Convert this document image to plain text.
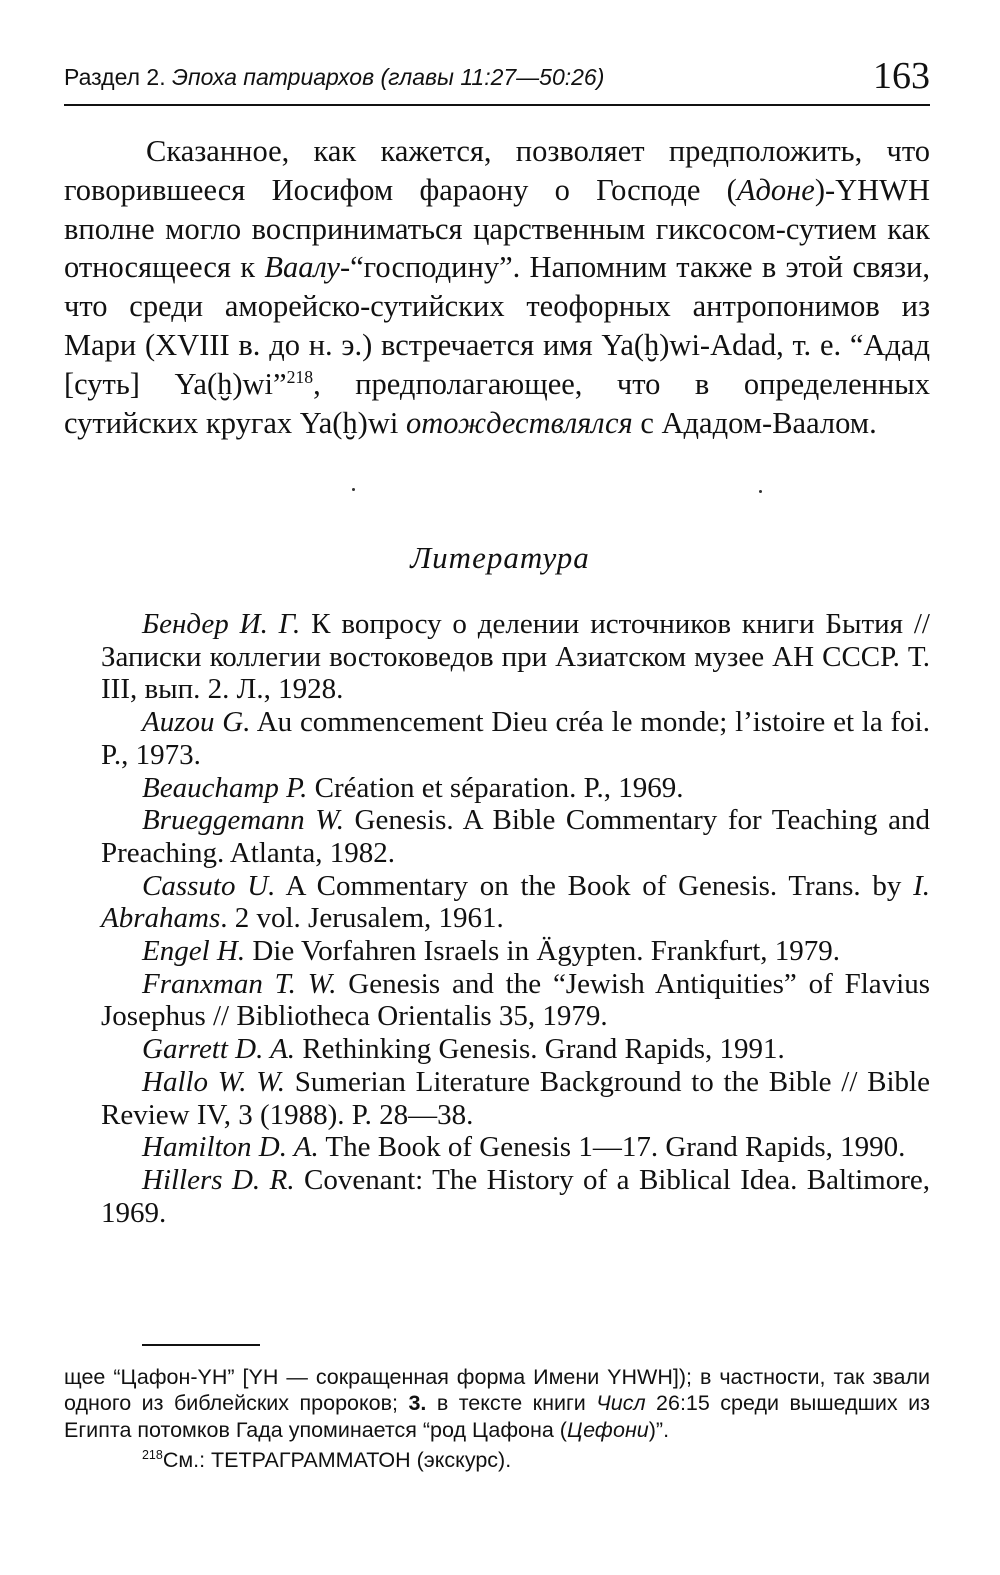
Раздел 2. Эпоха патриархов (главы 11:27—50:26)	163

Сказанное, как кажется, позволяет предположить, что говорившееся Иосифом фараону о Господе (Адоне)-YHWH вполне могло восприниматься царственным гиксосом-сутием как относящееся к Ваалу-“господину”. Напомним также в этой связи, что среди аморейско-сутийских теофорных антропонимов из Мари (XVIII в. до н. э.) встречается имя Ya(ḫ)wi-Adad, т. е. “Адад [суть] Ya(ḫ)wi”$^{218}$, предполагающее, что в определенных сутийских кругах Ya(ḫ)wi отождествлялся с Ададом-Ваалом.

Литература

Бендер И. Г. К вопросу о делении источников книги Бытия // Записки коллегии востоковедов при Азиатском музее АН СССР. Т. III, вып. 2. Л., 1928.

Auzou G. Au commencement Dieu créa le monde; l’istoire et la foi. P., 1973.

Beauchamp P. Création et séparation. P., 1969.

Brueggemann W. Genesis. A Bible Commentary for Teaching and Preaching. Atlanta, 1982.

Cassuto U. A Commentary on the Book of Genesis. Trans. by I. Abrahams. 2 vol. Jerusalem, 1961.

Engel H. Die Vorfahren Israels in Ägypten. Frankfurt, 1979.

Franxman T. W. Genesis and the “Jewish Antiquities” of Flavius Josephus // Bibliotheca Orientalis 35, 1979.

Garrett D. A. Rethinking Genesis. Grand Rapids, 1991.

Hallo W. W. Sumerian Literature Background to the Bible // Bible Review IV, 3 (1988). P. 28—38.

Hamilton D. A. The Book of Genesis 1—17. Grand Rapids, 1990.

Hillers D. R. Covenant: The History of a Biblical Idea. Baltimore, 1969.

щее “Цафон-YH” [YH — сокращенная форма Имени YHWH]); в частности, так звали одного из библейских пророков; 3. в тексте книги Числ 26:15 среди вышедших из Египта потомков Гада упоминается “род Цафона (Цефони)”.

$^{218}$См.: ТЕТРАГРАММАТОН (экскурс).
